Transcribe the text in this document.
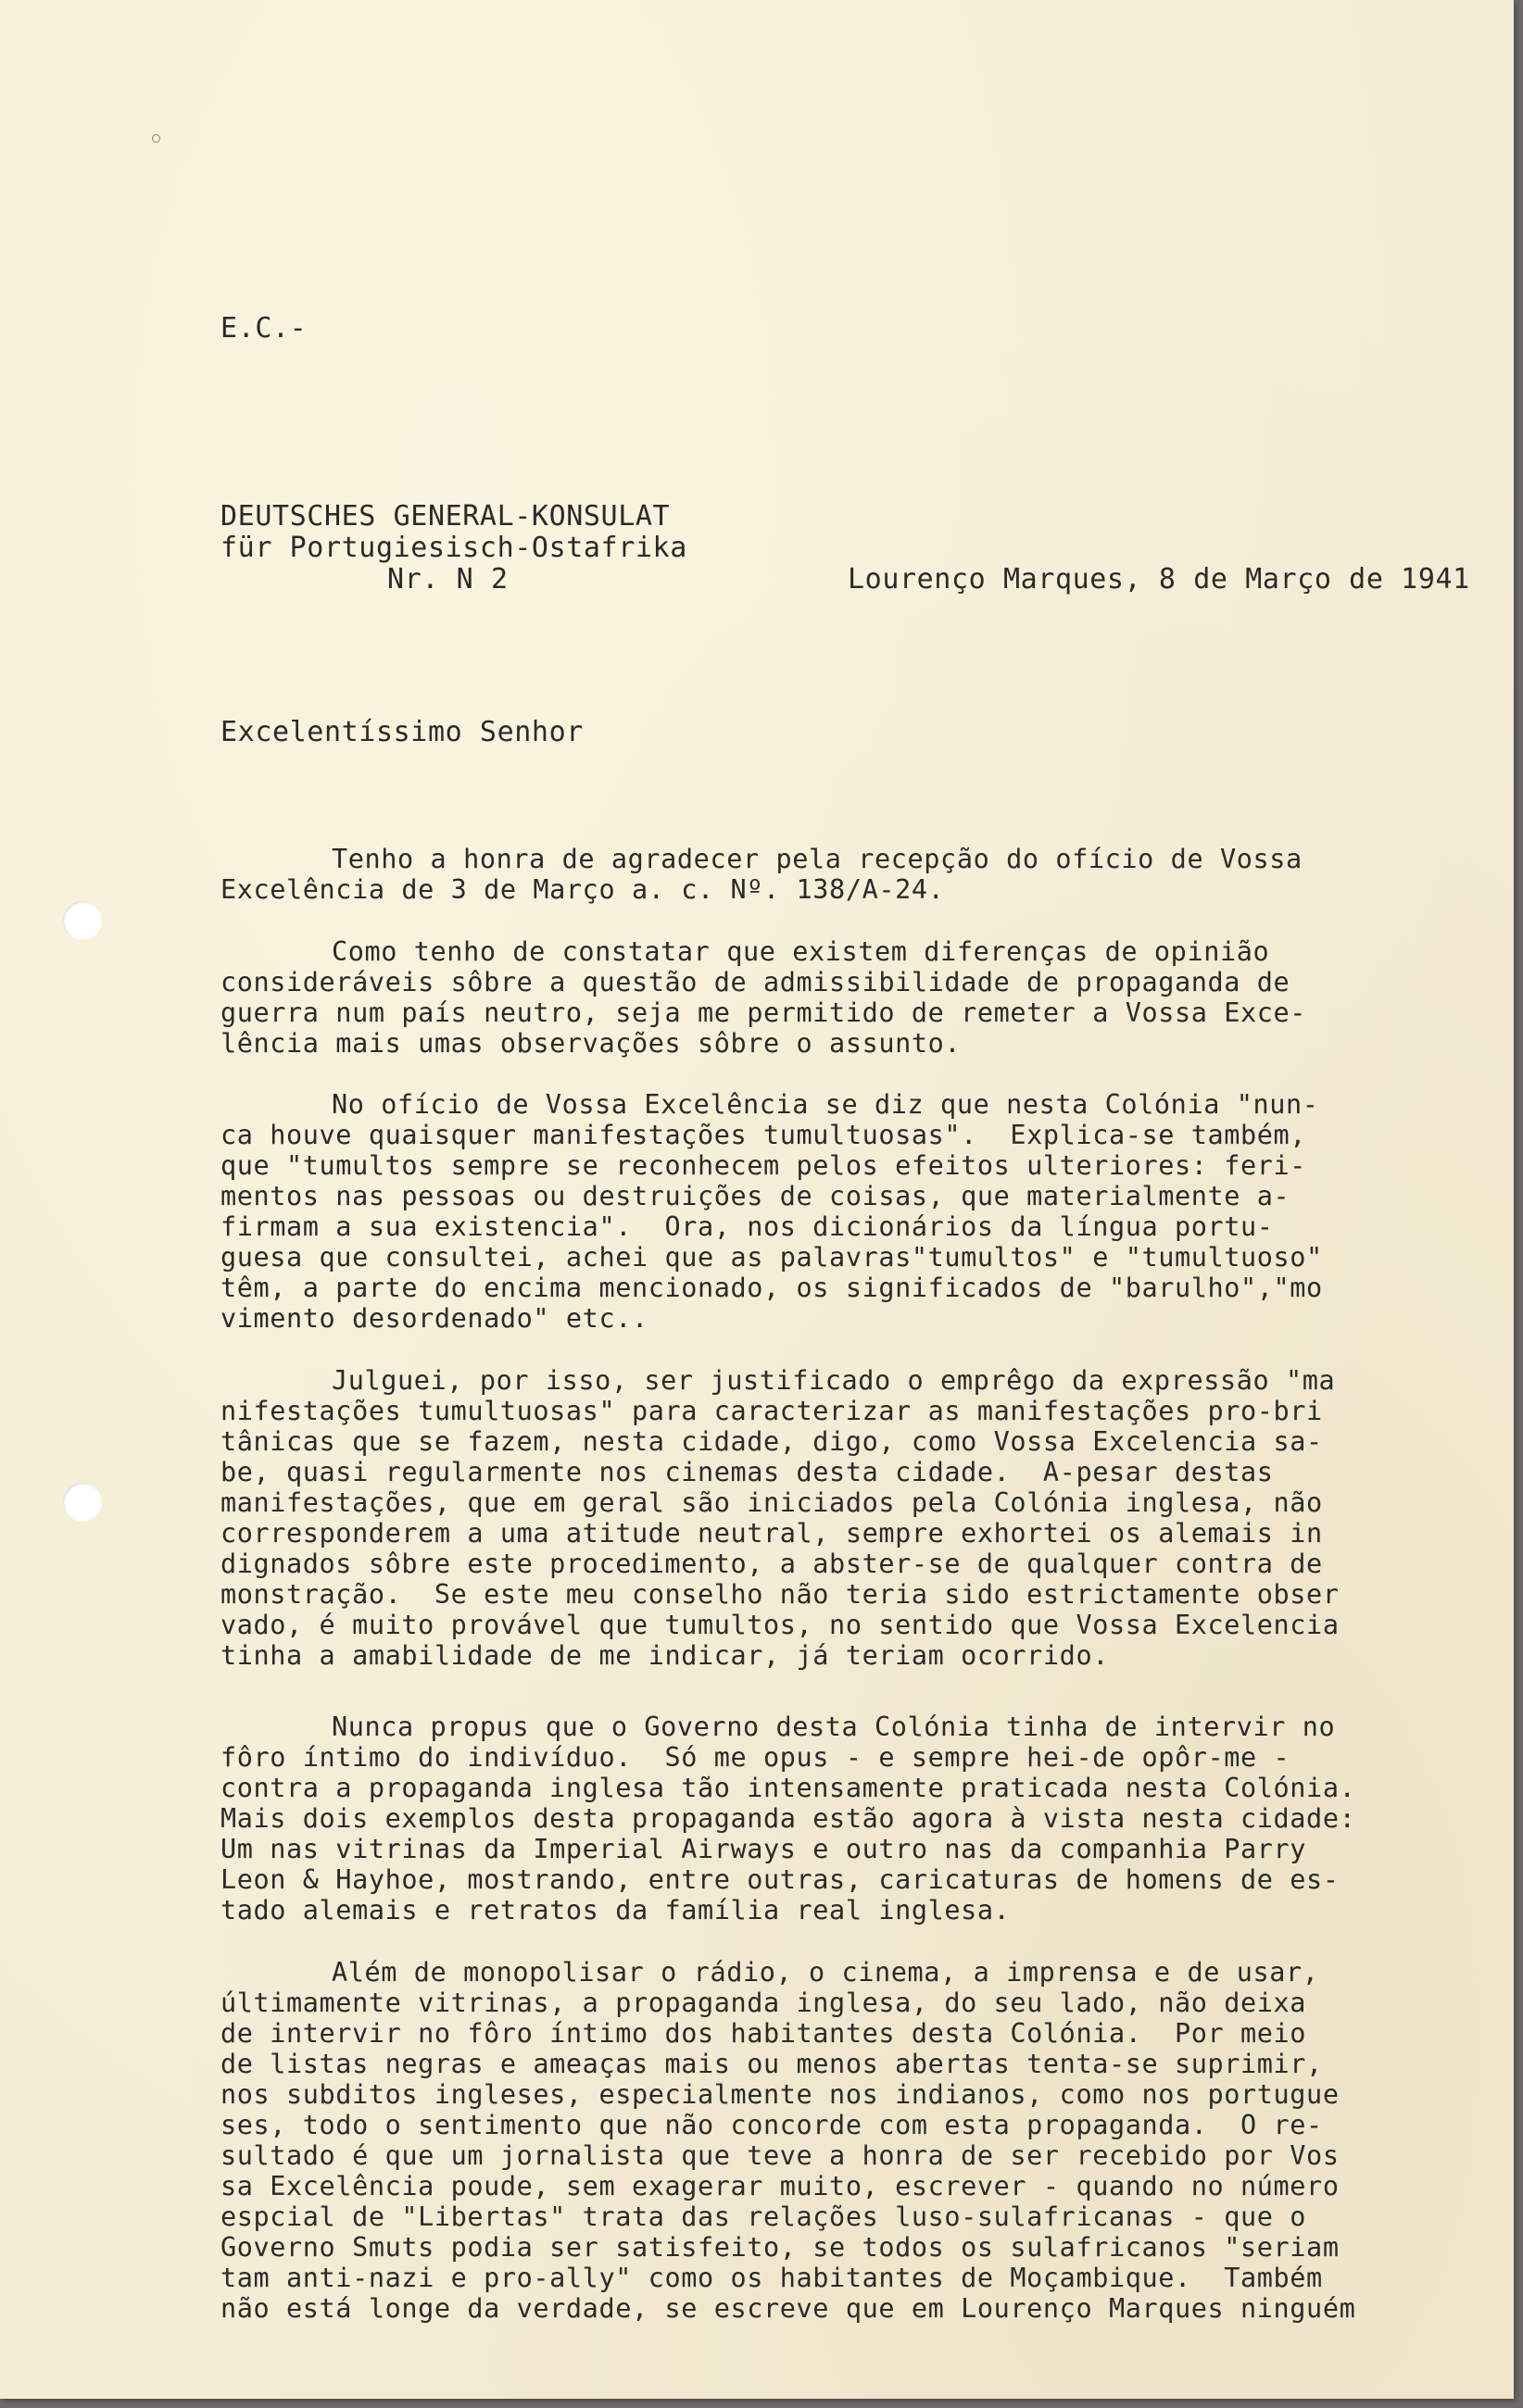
E.C.-
DEUTSCHES GENERAL-KONSULAT
für Portugiesisch-Ostafrika
Nr. N 2	Lourenço Marques, 8 de Março de 1941
Excelentíssimo Senhor
Tenho a honra de agradecer pela recepção do ofício de Vossa
Excelência de 3 de Março a. c. Nº. 138/A-24.
Como tenho de constatar que existem diferenças de opinião
consideráveis sôbre a questão de admissibilidade de propaganda de
guerra num país neutro, seja me permitido de remeter a Vossa Exce-
lência mais umas observações sôbre o assunto.
No ofício de Vossa Excelência se diz que nesta Colónia "nun-
ca houve quaisquer manifestações tumultuosas".  Explica-se também,
que "tumultos sempre se reconhecem pelos efeitos ulteriores: feri-
mentos nas pessoas ou destruições de coisas, que materialmente a-
firmam a sua existencia".  Ora, nos dicionários da língua portu-
guesa que consultei, achei que as palavras"tumultos" e "tumultuoso"
têm, a parte do encima mencionado, os significados de "barulho","mo
vimento desordenado" etc..
Julguei, por isso, ser justificado o emprêgo da expressão "ma
nifestações tumultuosas" para caracterizar as manifestações pro-bri
tânicas que se fazem, nesta cidade, digo, como Vossa Excelencia sa-
be, quasi regularmente nos cinemas desta cidade.  A-pesar destas
manifestações, que em geral são iniciados pela Colónia inglesa, não
corresponderem a uma atitude neutral, sempre exhortei os alemais in
dignados sôbre este procedimento, a abster-se de qualquer contra de
monstração.  Se este meu conselho não teria sido estrictamente obser
vado, é muito provável que tumultos, no sentido que Vossa Excelencia
tinha a amabilidade de me indicar, já teriam ocorrido.
Nunca propus que o Governo desta Colónia tinha de intervir no
fôro íntimo do indivíduo.  Só me opus - e sempre hei-de opôr-me -
contra a propaganda inglesa tão intensamente praticada nesta Colónia.
Mais dois exemplos desta propaganda estão agora à vista nesta cidade:
Um nas vitrinas da Imperial Airways e outro nas da companhia Parry
Leon & Hayhoe, mostrando, entre outras, caricaturas de homens de es-
tado alemais e retratos da família real inglesa.
Além de monopolisar o rádio, o cinema, a imprensa e de usar,
últimamente vitrinas, a propaganda inglesa, do seu lado, não deixa
de intervir no fôro íntimo dos habitantes desta Colónia.  Por meio
de listas negras e ameaças mais ou menos abertas tenta-se suprimir,
nos subditos ingleses, especialmente nos indianos, como nos portugue
ses, todo o sentimento que não concorde com esta propaganda.  O re-
sultado é que um jornalista que teve a honra de ser recebido por Vos
sa Excelência poude, sem exagerar muito, escrever - quando no número
espcial de "Libertas" trata das relações luso-sulafricanas - que o
Governo Smuts podia ser satisfeito, se todos os sulafricanos "seriam
tam anti-nazi e pro-ally" como os habitantes de Moçambique.  Também
não está longe da verdade, se escreve que em Lourenço Marques ninguém
